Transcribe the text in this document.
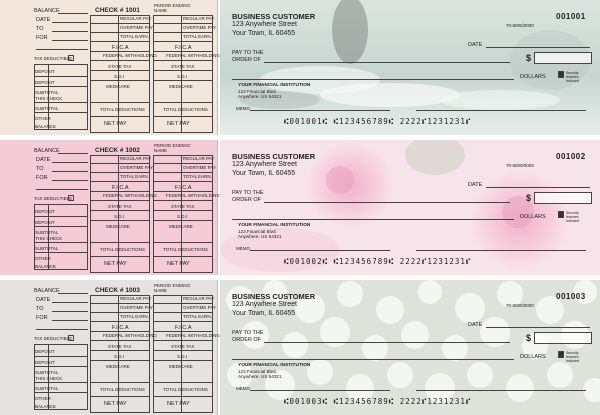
BALANCE
DATE
TO
FOR
TAX DEDUCTIBLE
DEPOSIT
DEPOSIT
SUBTOTAL
THIS CHECK
SUBTOTAL
OTHER
BALANCE
CHECK # 1001
REGULAR PAY
OVERTIME PAY
TOTAL EARN.
F.I.C.A
FEDERAL WITHHOLDING
STATE TAX
S.D.I
MEDICARE
TOTAL DEDUCTIONS
NET PAY
PERIOD ENDING:
NAME
REGULAR PAY
OVERTIME PAY
TOTAL EARN.
F.I.C.A
FEDERAL WITHHOLDING
STATE TAX
S.D.I
MEDICARE
TOTAL DEDUCTIONS
NET PAY
BUSINESS CUSTOMER
123 Anywhere Street
Your Town, IL 60455
001001
70-8000/0000
DATE
PAY TO THE
ORDER OF	$
DOLLARS
Security features included
YOUR FINANCIAL INSTITUTION
123 Financial Blvd.
Anywhere, US 54321
MEMO
⑆001001⑆ ⑆123456789⑆ 2222⑈1231231⑈
BALANCE
DATE
TO
FOR
TAX DEDUCTIBLE
DEPOSIT
DEPOSIT
SUBTOTAL
THIS CHECK
SUBTOTAL
OTHER
BALANCE
CHECK # 1002
REGULAR PAY
OVERTIME PAY
TOTAL EARN.
F.I.C.A
FEDERAL WITHHOLDING
STATE TAX
S.D.I
MEDICARE
TOTAL DEDUCTIONS
NET PAY
PERIOD ENDING:
NAME
REGULAR PAY
OVERTIME PAY
TOTAL EARN.
F.I.C.A
FEDERAL WITHHOLDING
STATE TAX
S.D.I
MEDICARE
TOTAL DEDUCTIONS
NET PAY
BUSINESS CUSTOMER
123 Anywhere Street
Your Town, IL 60455
001002
70-8000/0000
DATE
PAY TO THE
ORDER OF	$
DOLLARS
Security features included
YOUR FINANCIAL INSTITUTION
123 Financial Blvd.
Anywhere, US 54321
MEMO
⑆001002⑆ ⑆123456789⑆ 2222⑈1231231⑈
BALANCE
DATE
TO
FOR
TAX DEDUCTIBLE
DEPOSIT
DEPOSIT
SUBTOTAL
THIS CHECK
SUBTOTAL
OTHER
BALANCE
CHECK # 1003
REGULAR PAY
OVERTIME PAY
TOTAL EARN.
F.I.C.A
FEDERAL WITHHOLDING
STATE TAX
S.D.I
MEDICARE
TOTAL DEDUCTIONS
NET PAY
PERIOD ENDING:
NAME
REGULAR PAY
OVERTIME PAY
TOTAL EARN.
F.I.C.A
FEDERAL WITHHOLDING
STATE TAX
S.D.I
MEDICARE
TOTAL DEDUCTIONS
NET PAY
BUSINESS CUSTOMER
123 Anywhere Street
Your Town, IL 60455
001003
70-8000/0000
DATE
PAY TO THE
ORDER OF	$
DOLLARS
Security features included
YOUR FINANCIAL INSTITUTION
123 Financial Blvd.
Anywhere, US 54321
MEMO
⑆001003⑆ ⑆123456789⑆ 2222⑈1231231⑈
